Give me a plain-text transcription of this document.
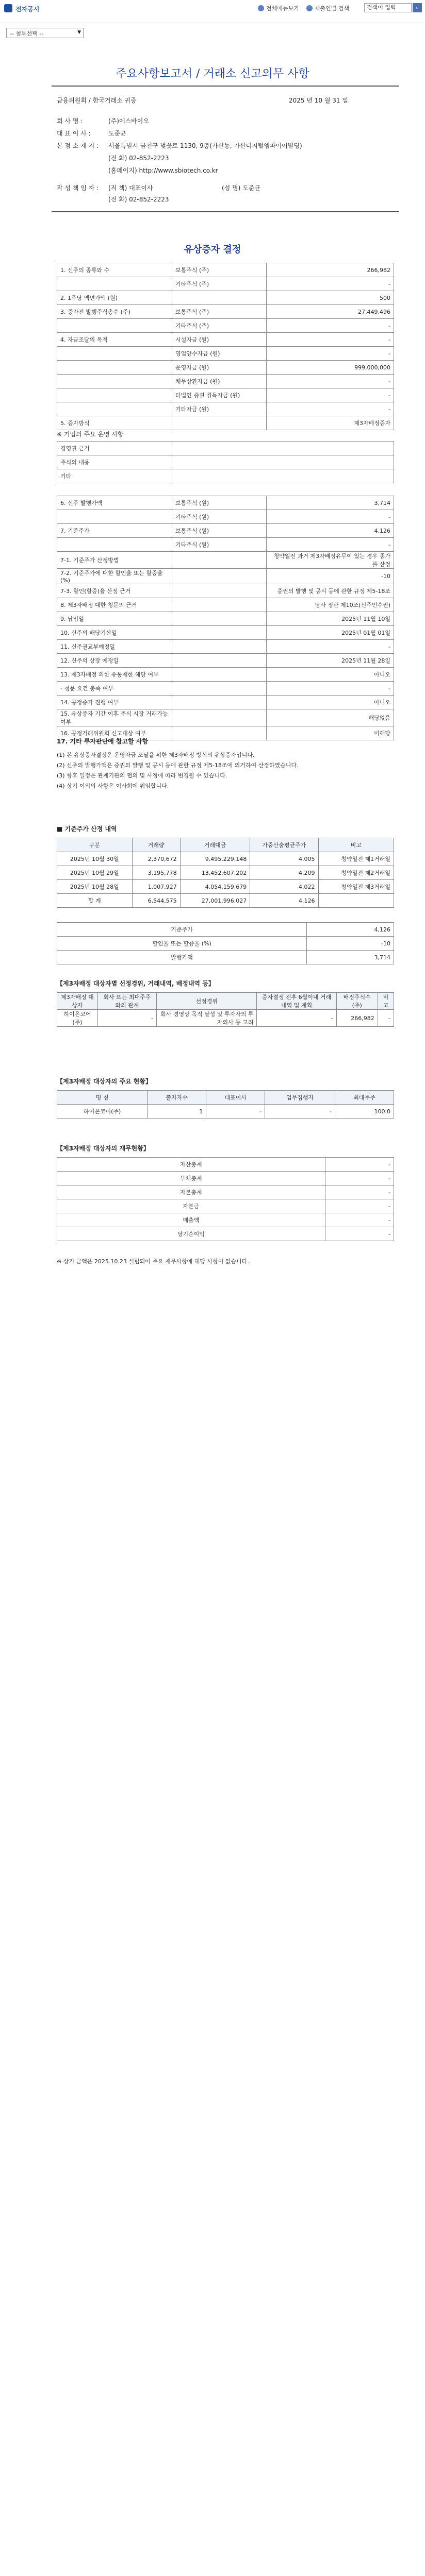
전자공시	전체메뉴보기	제출인별 검색	검색어 입력	⌕
-- 첨부선택 --	▼
주요사항보고서 / 거래소 신고의무 사항
금융위원회 / 한국거래소 귀중	2025 년 10 월 31 일
회 사 명 :	(주)에스바이오
대 표 이 사 :	도준균
본 점 소 재 지 : 서울특별시 금천구 벚꽃로 1130, 9층(가산동, 가산디지털엠파이어빌딩)
(전 화) 02-852-2223
(홈페이지) http://www.sbiotech.co.kr
작 성 책 임 자 : (직 책) 대표이사	(성 명) 도준균
(전 화) 02-852-2223
유상증자 결정
1. 신주의 종류와 수	보통주식 (주)	266,982
	기타주식 (주)	-
2. 1주당 액면가액 (원)		500
3. 증자전 발행주식총수 (주)	보통주식 (주)	27,449,496
	기타주식 (주)	-
4. 자금조달의 목적	시설자금 (원)	-
	영업양수자금 (원)	-
	운영자금 (원)	999,000,000
	채무상환자금 (원)	-
	타법인 증권 취득자금 (원)	-
	기타자금 (원)	-
5. 증자방식		제3자배정증자
※ 기업의 주요 운영 사항
경영권 근거	
주식의 내용	
기타	
6. 신주 발행가액	보통주식 (원)	3,714
	기타주식 (원)	-
7. 기준주가	보통주식 (원)	4,126
	기타주식 (원)	-
7-1. 기준주가 산정방법		청약일전 과거 제3자배정유무이 있는 경우 종가를 산정
7-2. 기준주가에 대한 할인율 또는 할증율 (%)		-10
7-3. 할인(할증)율 산정 근거		증권의 발행 및 공시 등에 관한 규정 제5-18조
8. 제3자배정 대한 청문의 근거		당사 정관 제10조(신주인수권)
9. 납입일		2025년 11월 10일
10. 신주의 배당기산일		2025년 01월 01일
11. 신주권교부예정일		-
12. 신주의 상장 예정일		2025년 11월 28일
13. 제3자배정 의한 유통제한 해당 여부		아니오
- 청문 요건 충족 여부		-
14. 공정증자 진행 여부		아니오
15. 유상증자 기간 이후 주식 시장 거래가능 여부		해당없음
16. 공정거래위원회 신고대상 여부		미해당
17. 기타 투자판단에 참고할 사항
(1) 본 유상증자결정은 운영자금 조달을 위한 제3자배정 방식의 유상증자입니다.
(2) 신주의 발행가액은 증권의 발행 및 공시 등에 관한 규정 제5-18조에 의거하여 산정하였습니다.
(3) 향후 일정은 관계기관의 협의 및 사정에 따라 변경될 수 있습니다.
(4) 상기 이외의 사항은 이사회에 위임합니다.
■ 기준주가 산정 내역
구분	거래량	거래대금	가중산술평균주가	비고
2025년 10월 30일	2,370,672	9,495,229,148	4,005	청약일전 제1거래일
2025년 10월 29일	3,195,778	13,452,607,202	4,209	청약일전 제2거래일
2025년 10월 28일	1,007,927	4,054,159,679	4,022	청약일전 제3거래일
합 계	6,544,575	27,001,996,027	4,126	
기준주가	4,126
할인율 또는 할증율 (%)	-10
발행가액	3,714
【제3자배정 대상자별 선정경위, 거래내역, 배정내역 등】
제3자배정 대상자	회사 또는 최대주주와의 관계	선정경위	증자결정 전후 6월이내 거래내역 및 계획	배정주식수 (주)	비고
하이온코어(주)	-	회사 경영상 목적 달성 및 투자자의 투자의사 등 고려	-	266,982	-
【제3자배정 대상자의 주요 현황】
명 칭	출자자수	대표이사	업무집행자	최대주주
하이온코어(주)	1	-	-	100.0
【제3자배정 대상자의 재무현황】
자산총계	-
부채총계	-
자본총계	-
자본금	-
매출액	-
당기순이익	-
※ 상기 금액은 2025.10.23 설립되어 주요 재무사항에 해당 사항이 없습니다.
